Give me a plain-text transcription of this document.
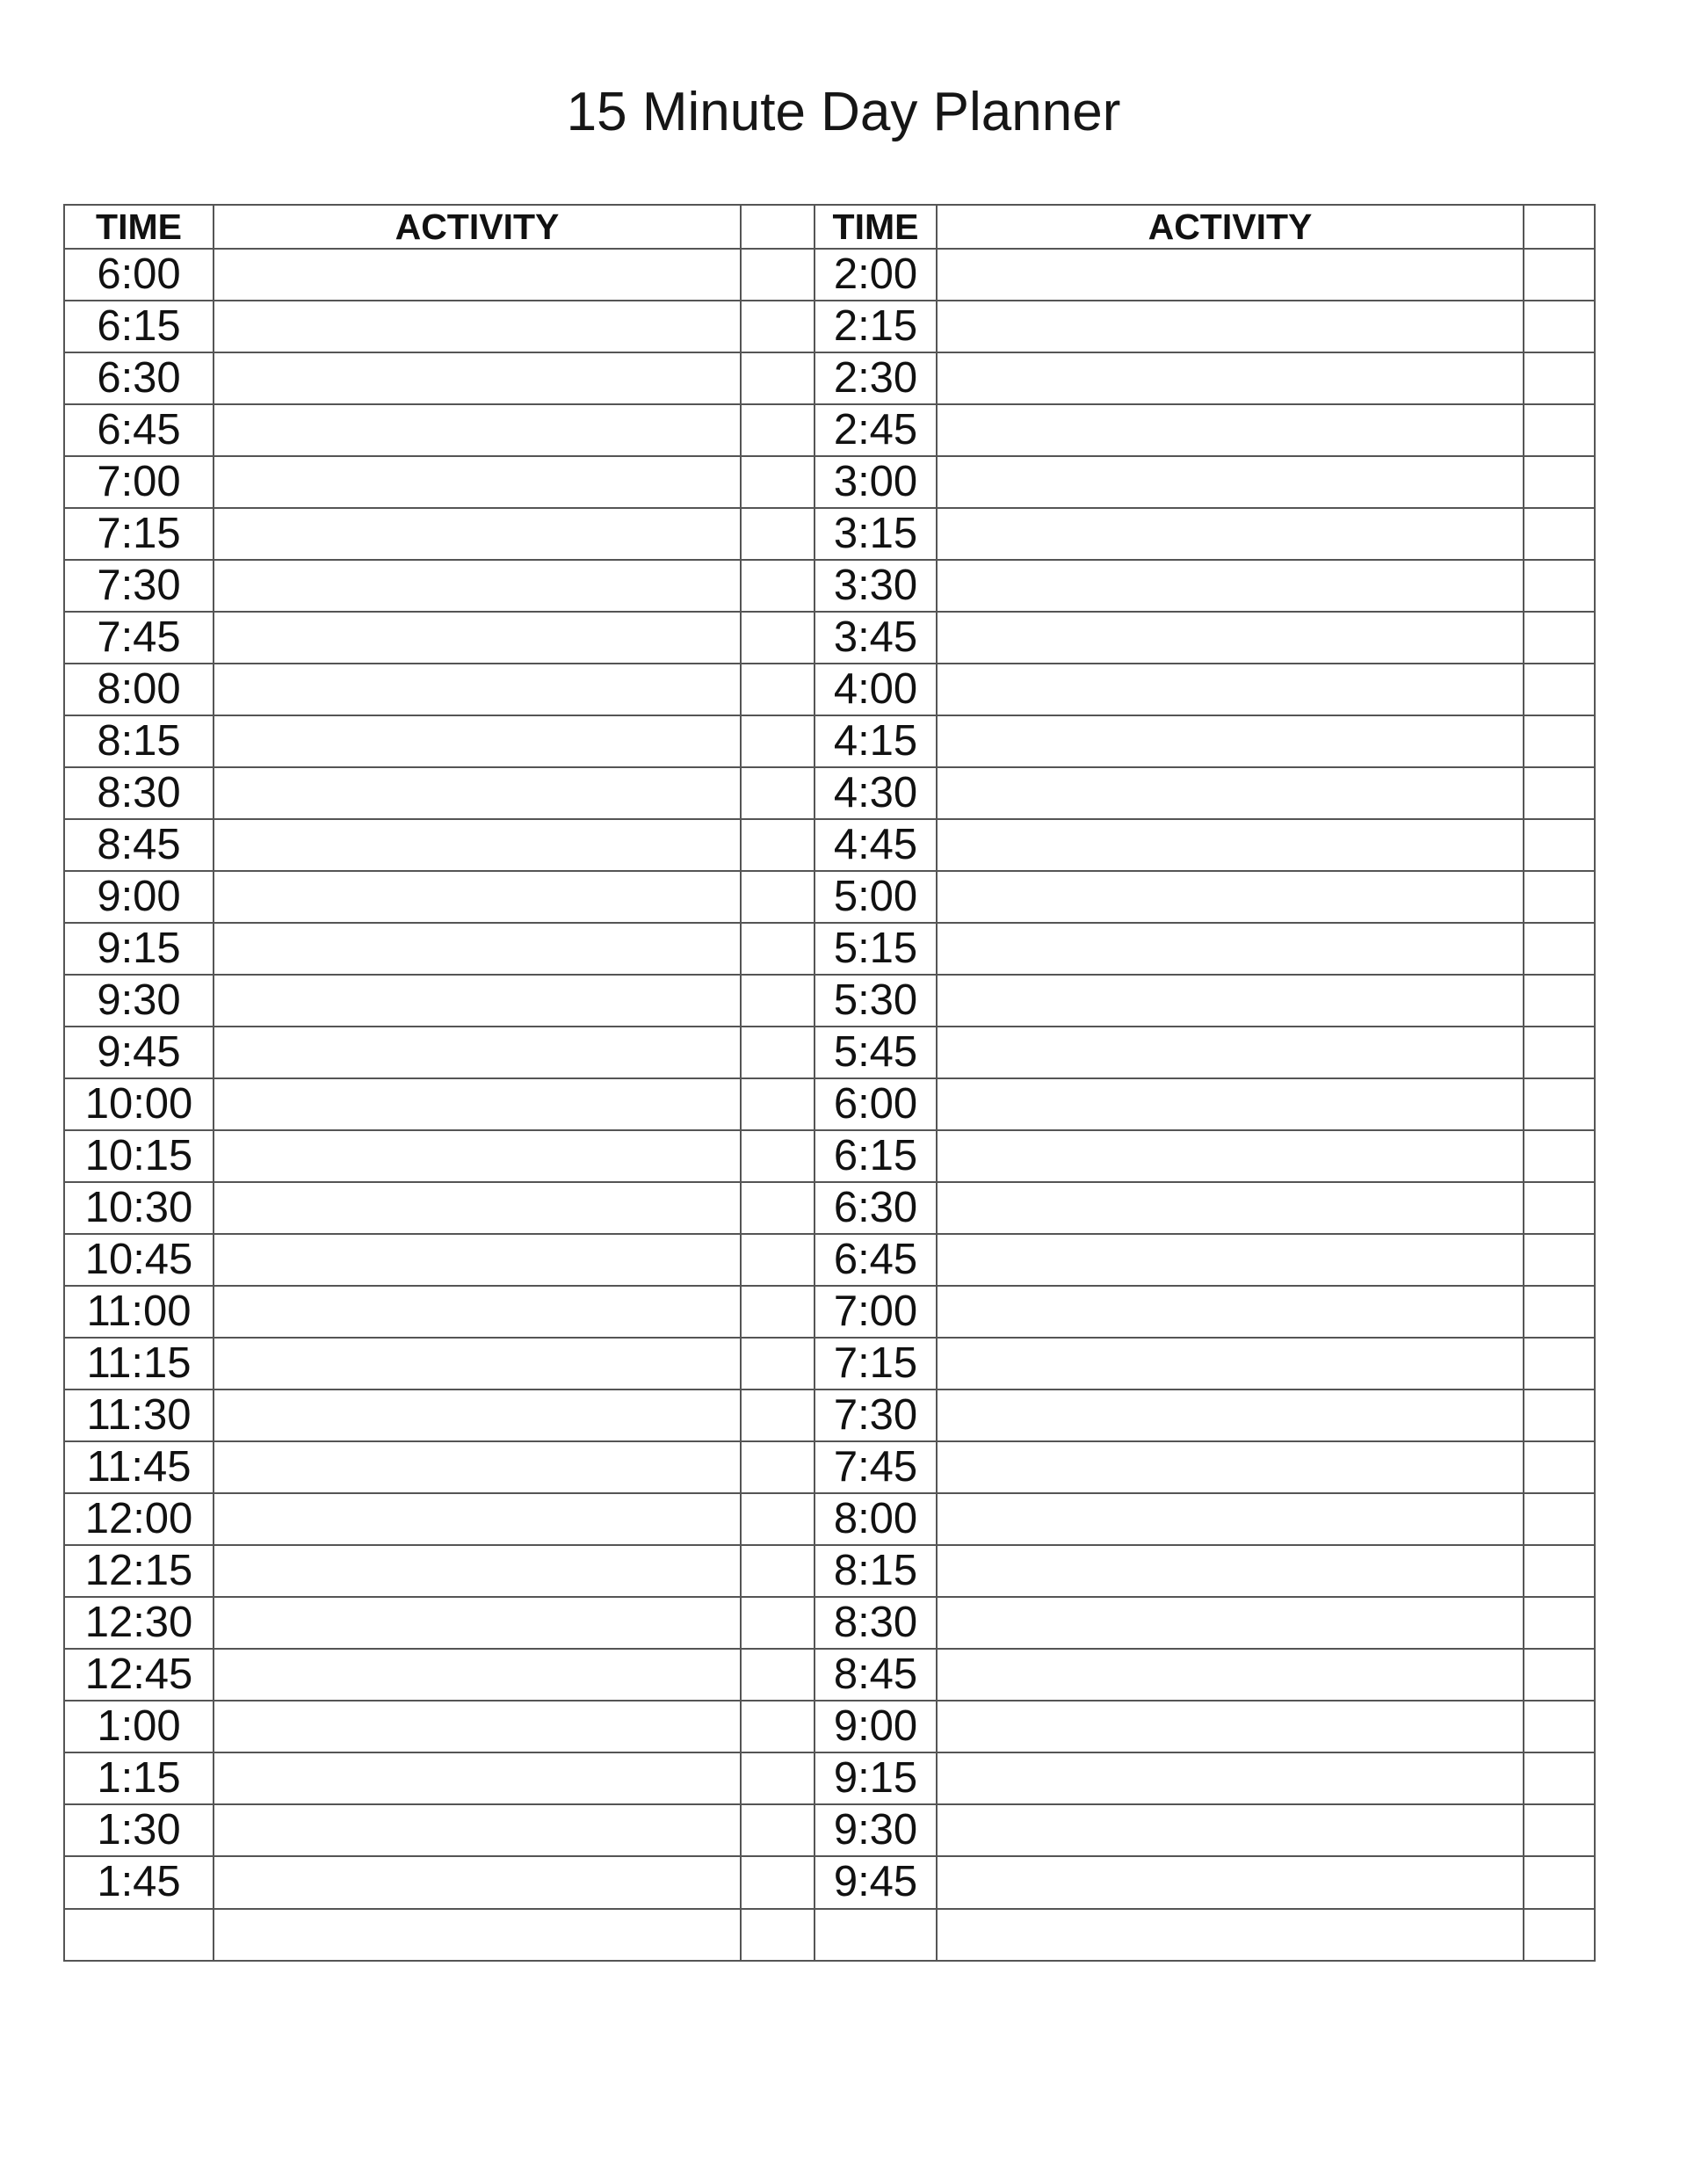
15 Minute Day Planner
TIME	ACTIVITY		TIME	ACTIVITY	
6:00			2:00		
6:15			2:15		
6:30			2:30		
6:45			2:45		
7:00			3:00		
7:15			3:15		
7:30			3:30		
7:45			3:45		
8:00			4:00		
8:15			4:15		
8:30			4:30		
8:45			4:45		
9:00			5:00		
9:15			5:15		
9:30			5:30		
9:45			5:45		
10:00			6:00		
10:15			6:15		
10:30			6:30		
10:45			6:45		
11:00			7:00		
11:15			7:15		
11:30			7:30		
11:45			7:45		
12:00			8:00		
12:15			8:15		
12:30			8:30		
12:45			8:45		
1:00			9:00		
1:15			9:15		
1:30			9:30		
1:45			9:45		
